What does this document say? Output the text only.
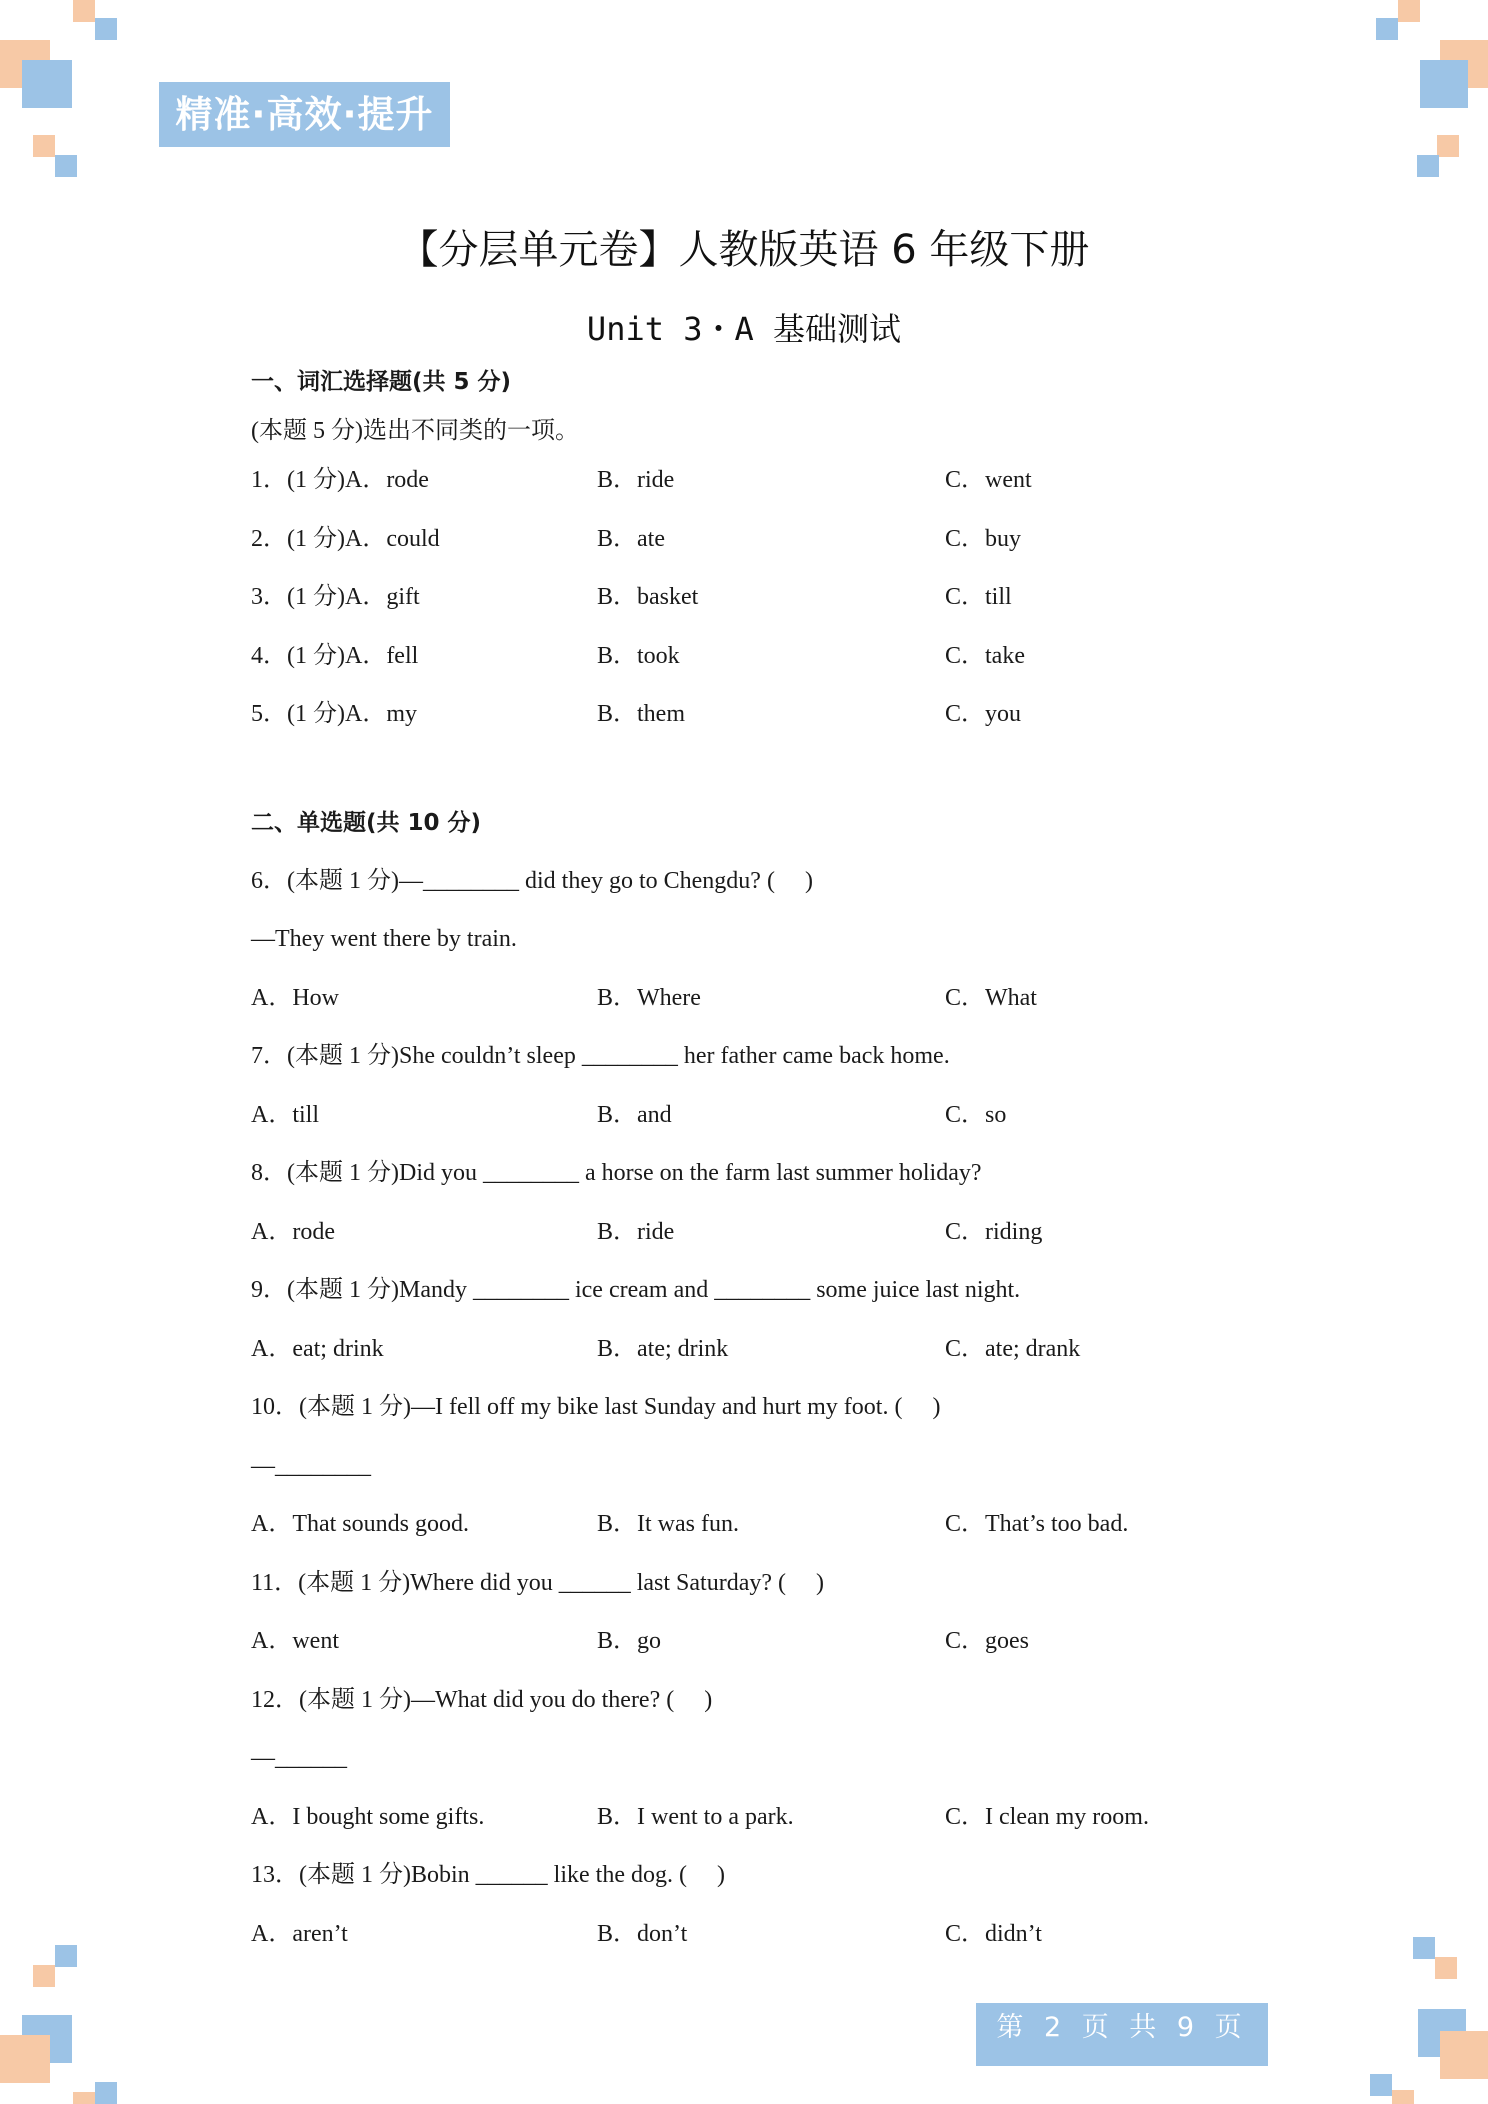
精准·高效·提升
【分层单元卷】人教版英语 6 年级下册
Unit 3・A 基础测试
一、词汇选择题(共 5 分)
(本题 5 分)选出不同类的一项。
1．(1 分)A．rode	B．ride	C．went
2．(1 分)A．could	B．ate	C．buy
3．(1 分)A．gift	B．basket	C．till
4．(1 分)A．fell	B．took	C．take
5．(1 分)A．my	B．them	C．you
二、单选题(共 10 分)
6．(本题 1 分)—________ did they go to Chengdu? (　 )
—They went there by train.
A．How	B．Where	C．What
7．(本题 1 分)She couldn’t sleep ________ her father came back home.
A．till	B．and	C．so
8．(本题 1 分)Did you ________ a horse on the farm last summer holiday?
A．rode	B．ride	C．riding
9．(本题 1 分)Mandy ________ ice cream and ________ some juice last night.
A．eat; drink	B．ate; drink	C．ate; drank
10．(本题 1 分)—I fell off my bike last Sunday and hurt my foot. (　 )
—________
A．That sounds good.	B．It was fun.	C．That’s too bad.
11．(本题 1 分)Where did you ______ last Saturday? (　 )
A．went	B．go	C．goes
12．(本题 1 分)—What did you do there? (　 )
—______
A．I bought some gifts.	B．I went to a park.	C．I clean my room.
13．(本题 1 分)Bobin ______ like the dog. (　 )
A．aren’t	B．don’t	C．didn’t
第 2 页 共 9 页
